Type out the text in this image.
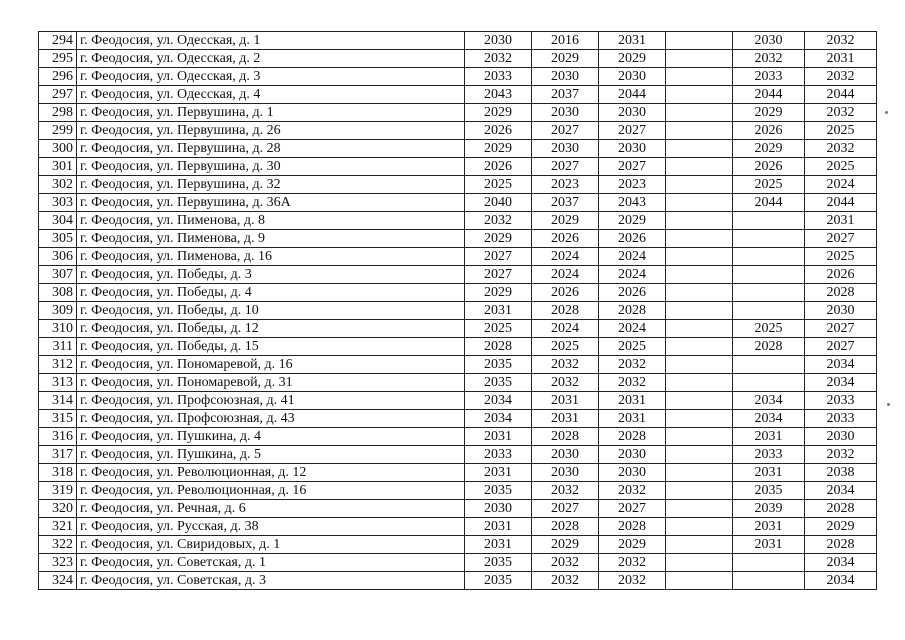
294	г. Феодосия, ул. Одесская, д. 1	2030	2016	2031		2030	2032
295	г. Феодосия, ул. Одесская, д. 2	2032	2029	2029		2032	2031
296	г. Феодосия, ул. Одесская, д. 3	2033	2030	2030		2033	2032
297	г. Феодосия, ул. Одесская, д. 4	2043	2037	2044		2044	2044
298	г. Феодосия, ул. Первушина, д. 1	2029	2030	2030		2029	2032
299	г. Феодосия, ул. Первушина, д. 26	2026	2027	2027		2026	2025
300	г. Феодосия, ул. Первушина, д. 28	2029	2030	2030		2029	2032
301	г. Феодосия, ул. Первушина, д. 30	2026	2027	2027		2026	2025
302	г. Феодосия, ул. Первушина, д. 32	2025	2023	2023		2025	2024
303	г. Феодосия, ул. Первушина, д. 36А	2040	2037	2043		2044	2044
304	г. Феодосия, ул. Пименова, д. 8	2032	2029	2029			2031
305	г. Феодосия, ул. Пименова, д. 9	2029	2026	2026			2027
306	г. Феодосия, ул. Пименова, д. 16	2027	2024	2024			2025
307	г. Феодосия, ул. Победы, д. 3	2027	2024	2024			2026
308	г. Феодосия, ул. Победы, д. 4	2029	2026	2026			2028
309	г. Феодосия, ул. Победы, д. 10	2031	2028	2028			2030
310	г. Феодосия, ул. Победы, д. 12	2025	2024	2024		2025	2027
311	г. Феодосия, ул. Победы, д. 15	2028	2025	2025		2028	2027
312	г. Феодосия, ул. Пономаревой, д. 16	2035	2032	2032			2034
313	г. Феодосия, ул. Пономаревой, д. 31	2035	2032	2032			2034
314	г. Феодосия, ул. Профсоюзная, д. 41	2034	2031	2031		2034	2033
315	г. Феодосия, ул. Профсоюзная, д. 43	2034	2031	2031		2034	2033
316	г. Феодосия, ул. Пушкина, д. 4	2031	2028	2028		2031	2030
317	г. Феодосия, ул. Пушкина, д. 5	2033	2030	2030		2033	2032
318	г. Феодосия, ул. Революционная, д. 12	2031	2030	2030		2031	2038
319	г. Феодосия, ул. Революционная, д. 16	2035	2032	2032		2035	2034
320	г. Феодосия, ул. Речная, д. 6	2030	2027	2027		2039	2028
321	г. Феодосия, ул. Русская, д. 38	2031	2028	2028		2031	2029
322	г. Феодосия, ул. Свиридовых, д. 1	2031	2029	2029		2031	2028
323	г. Феодосия, ул. Советская, д. 1	2035	2032	2032			2034
324	г. Феодосия, ул. Советская, д. 3	2035	2032	2032			2034
